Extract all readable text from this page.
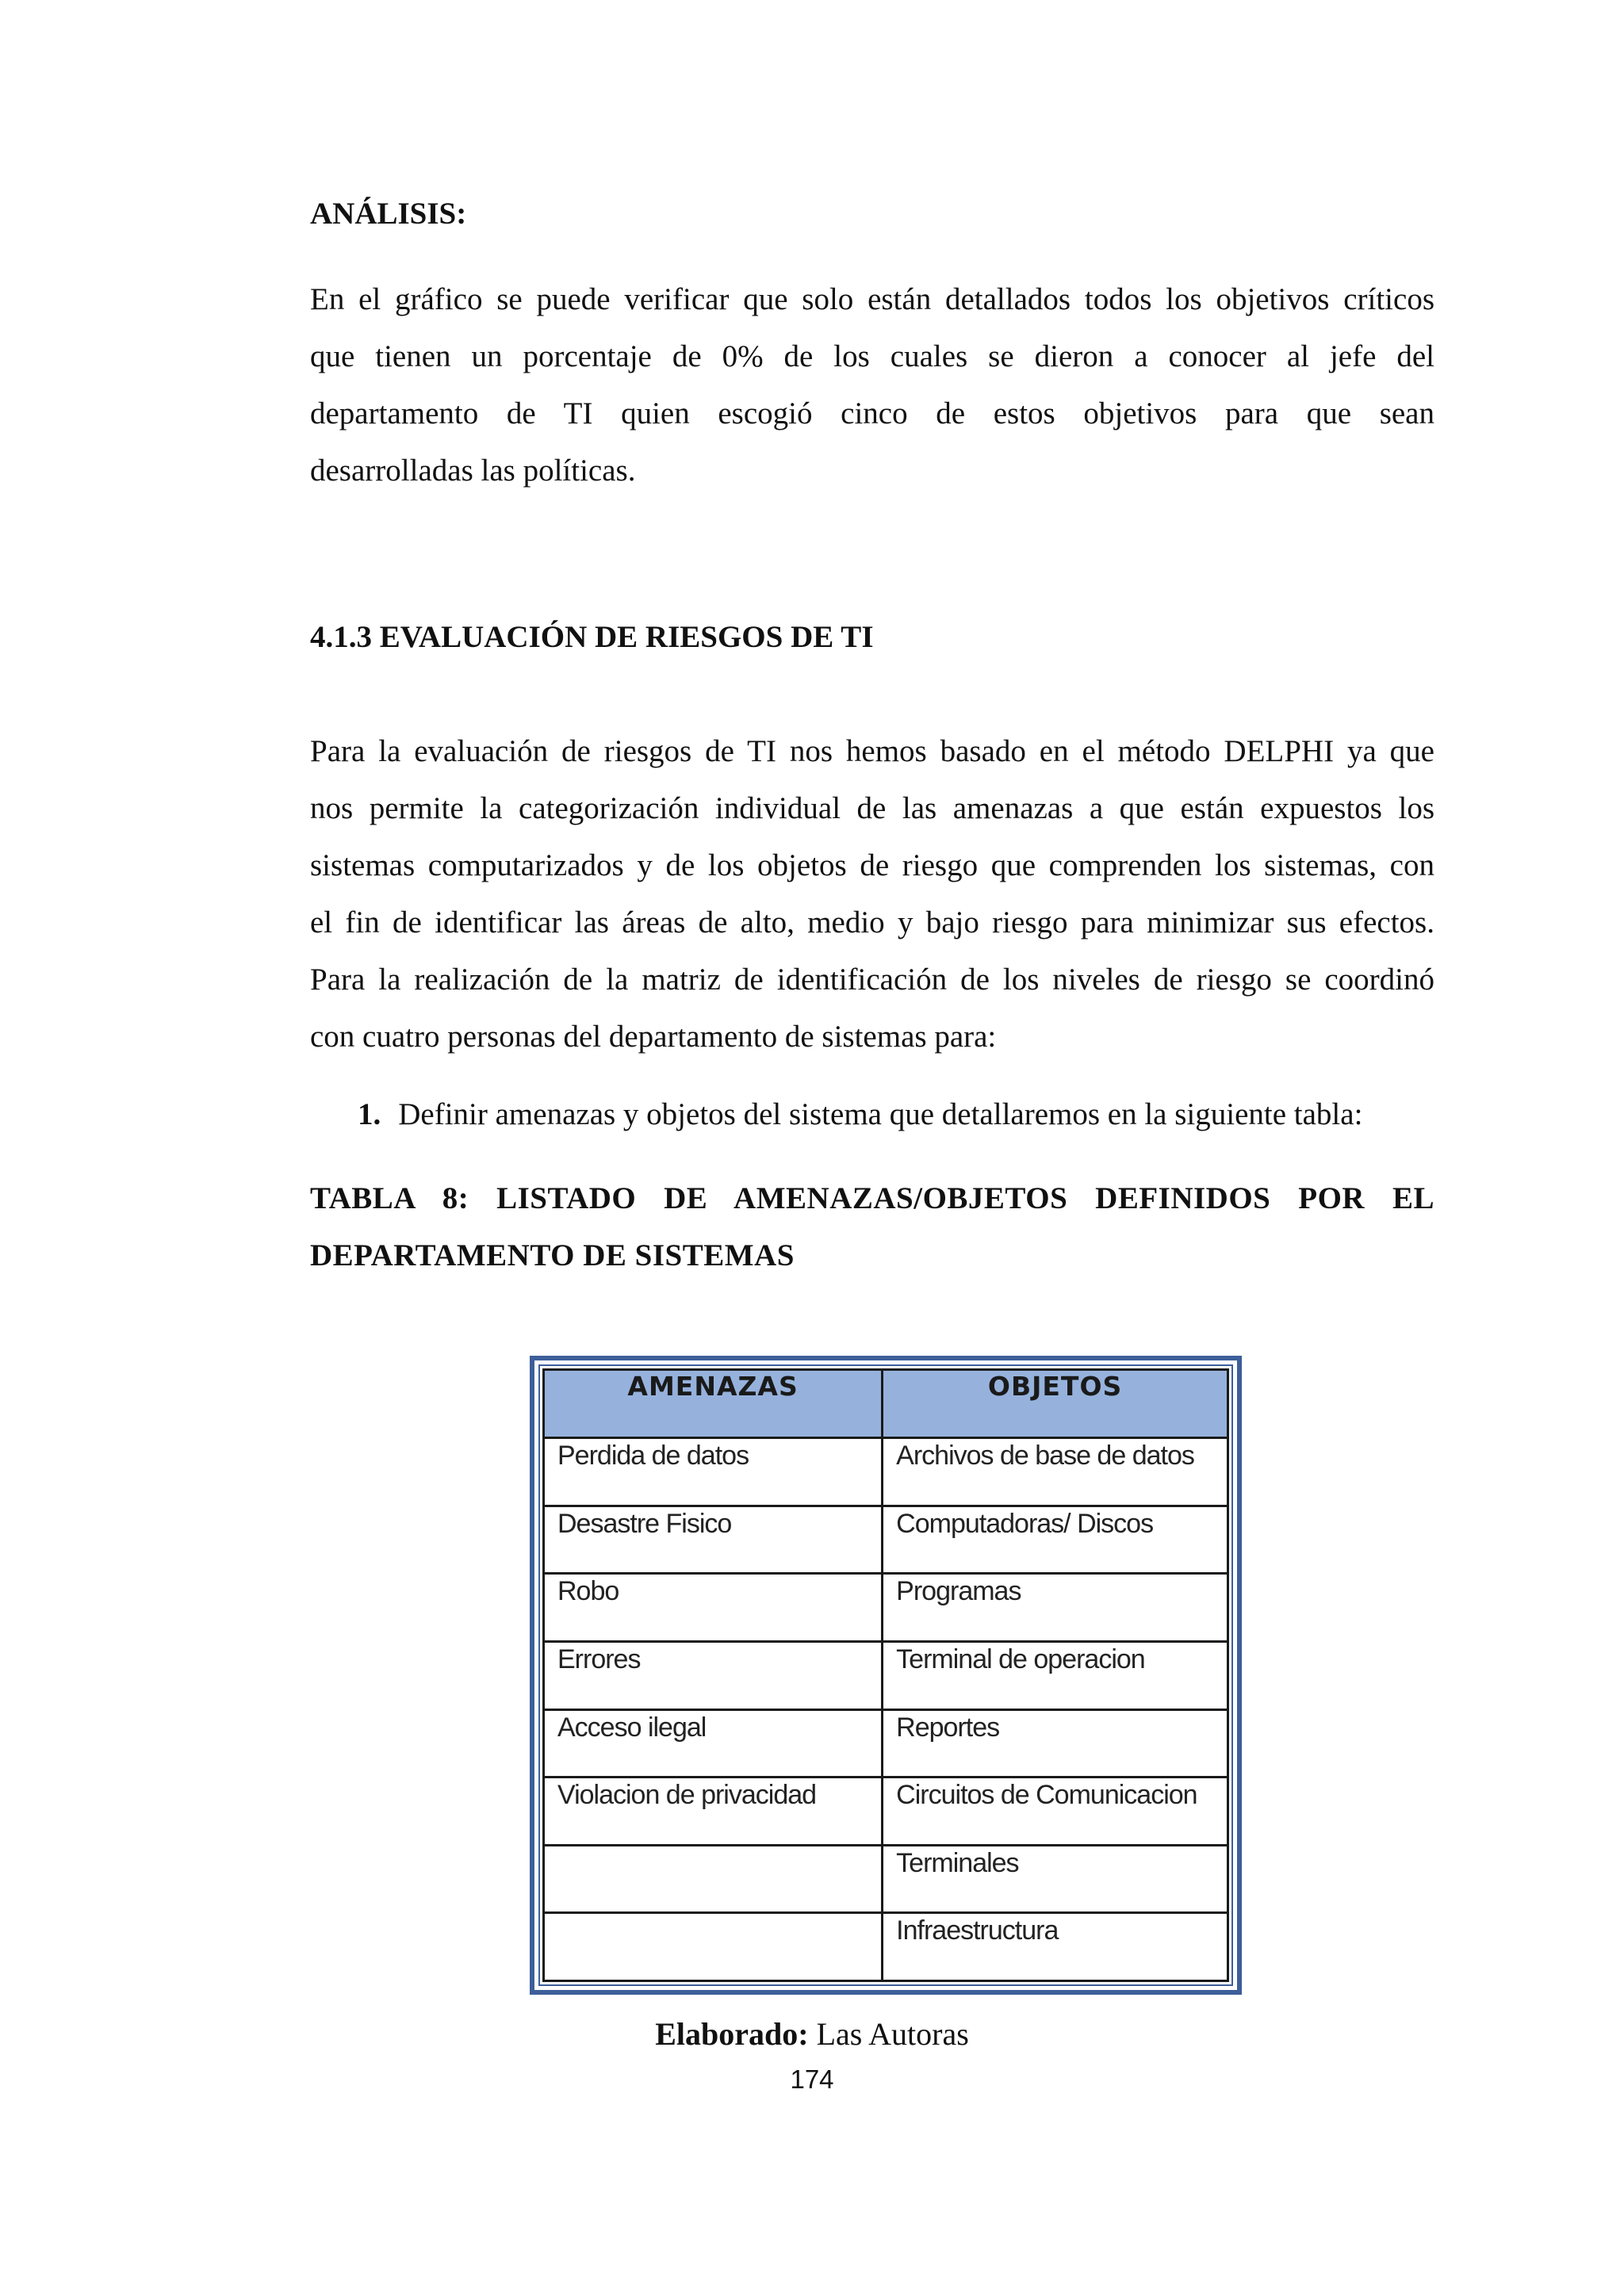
ANÁLISIS:
En el gráfico se puede verificar que solo están detallados todos los objetivos críticos
que tienen un porcentaje de 0% de los cuales se dieron a conocer al jefe del
departamento de TI quien escogió cinco de estos objetivos para que sean
desarrolladas las políticas.
4.1.3 EVALUACIÓN DE RIESGOS DE TI
Para la evaluación de riesgos de TI nos hemos basado en el método DELPHI ya que
nos permite la categorización individual de las amenazas a que están expuestos los
sistemas computarizados y de los objetos de riesgo que comprenden los sistemas, con
el fin de identificar las áreas de alto, medio y bajo riesgo para minimizar sus efectos.
Para la realización de la matriz de identificación de los niveles de riesgo se coordinó
con cuatro personas del departamento de sistemas para:
1. Definir amenazas y objetos del sistema que detallaremos en la siguiente tabla:
TABLA 8: LISTADO DE AMENAZAS/OBJETOS DEFINIDOS POR EL
DEPARTAMENTO DE SISTEMAS
AMENAZAS	OBJETOS
Perdida de datos	Archivos de base de datos
Desastre Fisico	Computadoras/ Discos
Robo	Programas
Errores	Terminal de operacion
Acceso ilegal	Reportes
Violacion de privacidad	Circuitos de Comunicacion
	Terminales
	Infraestructura
Elaborado: Las Autoras
174
